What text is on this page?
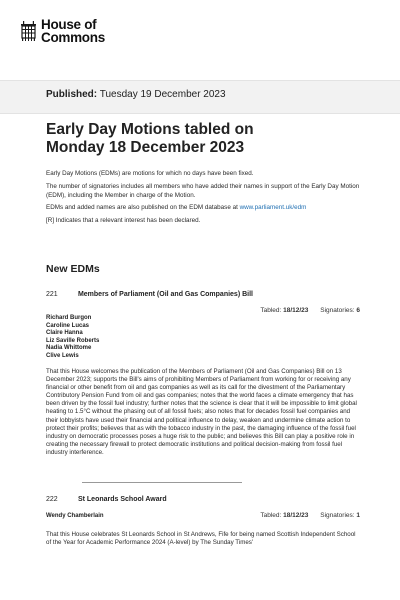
House of
Commons
Published: Tuesday 19 December 2023
Early Day Motions tabled on
Monday 18 December 2023

Early Day Motions (EDMs) are motions for which no days have been fixed.

The number of signatories includes all members who have added their names in support of the Early Day Motion (EDM), including the Member in charge of the Motion.

EDMs and added names are also published on the EDM database at www.parliament.uk/edm

[R] Indicates that a relevant interest has been declared.

New EDMs
221	Members of Parliament (Oil and Gas Companies) Bill
Tabled: 18/12/23 Signatories: 6
Richard Burgon
Caroline Lucas
Claire Hanna
Liz Saville Roberts
Nadia Whittome
Clive Lewis
That this House welcomes the publication of the Members of Parliament (Oil and Gas Companies) Bill on 13 December 2023; supports the Bill's aims of prohibiting Members of Parliament from working for or receiving any financial or other benefit from oil and gas companies as well as its call for the divestment of the Parliamentary Contributory Pension Fund from oil and gas companies; notes that the world faces a climate emergency that has been driven by the fossil fuel industry; further notes that the science is clear that it will be impossible to limit global heating to 1.5°C without the phasing out of all fossil fuels; also notes that for decades fossil fuel companies and their lobbyists have used their financial and political influence to delay, weaken and undermine climate action to protect their profits; believes that as with the tobacco industry in the past, the damaging influence of the fossil fuel industry on democratic processes poses a huge risk to the public; and believes this Bill can play a positive role in creating the necessary firewall to protect democratic institutions and political decision-making from fossil fuel industry interference.
222	St Leonards School Award
Wendy Chamberlain	Tabled: 18/12/23 Signatories: 1
That this House celebrates St Leonards School in St Andrews, Fife for being named Scottish Independent School of the Year for Academic Performance 2024 (A-level) by The Sunday Times'
